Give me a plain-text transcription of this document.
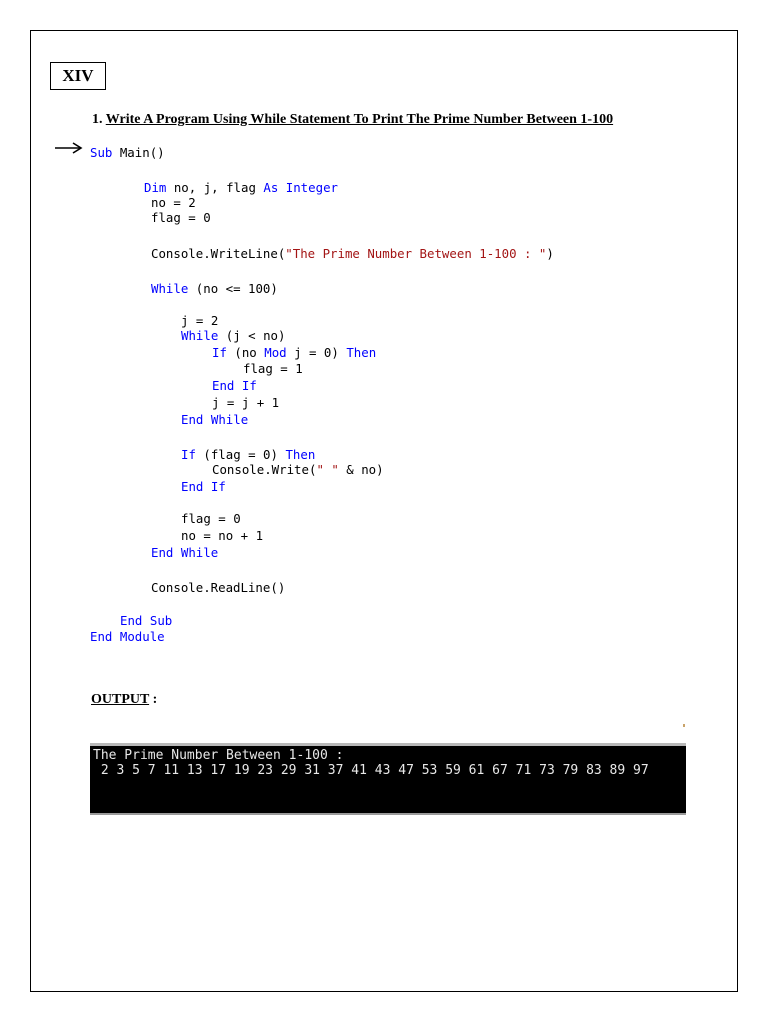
XIV
1. Write A Program Using While Statement To Print The Prime Number Between 1-100
Sub Main()
Dim no, j, flag As Integer
no = 2
flag = 0
Console.WriteLine("The Prime Number Between 1-100 : ")
While (no <= 100)
j = 2
While (j < no)
If (no Mod j = 0) Then
flag = 1
End If
j = j + 1
End While
If (flag = 0) Then
Console.Write(" " & no)
End If
flag = 0
no = no + 1
End While
Console.ReadLine()
End Sub
End Module
OUTPUT :
The Prime Number Between 1-100 :
2 3 5 7 11 13 17 19 23 29 31 37 41 43 47 53 59 61 67 71 73 79 83 89 97
